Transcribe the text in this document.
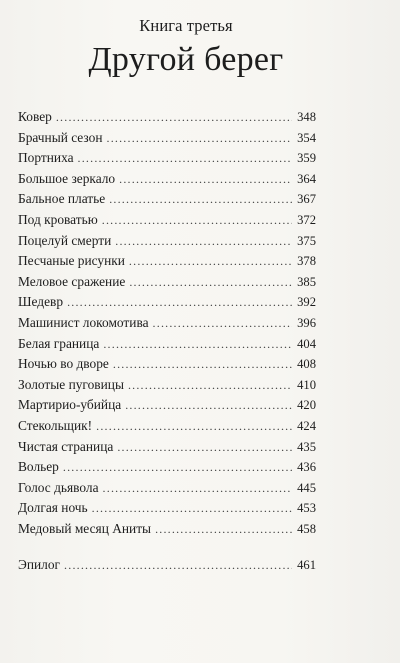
Книга третья
Другой берег
Ковер . . .	348
Брачный сезон . . .	354
Портниха . . .	359
Большое зеркало . . .	364
Бальное платье . . .	367
Под кроватью . . .	372
Поцелуй смерти . . .	375
Песчаные рисунки . . .	378
Меловое сражение . . .	385
Шедевр . . .	392
Машинист локомотива . . .	396
Белая граница . . .	404
Ночью во дворе . . .	408
Золотые пуговицы . . .	410
Мартирио-убийца . . .	420
Стекольщик! . . .	424
Чистая страница . . .	435
Вольер . . .	436
Голос дьявола . . .	445
Долгая ночь . . .	453
Медовый месяц Аниты . . .	458
Эпилог . . .	461
